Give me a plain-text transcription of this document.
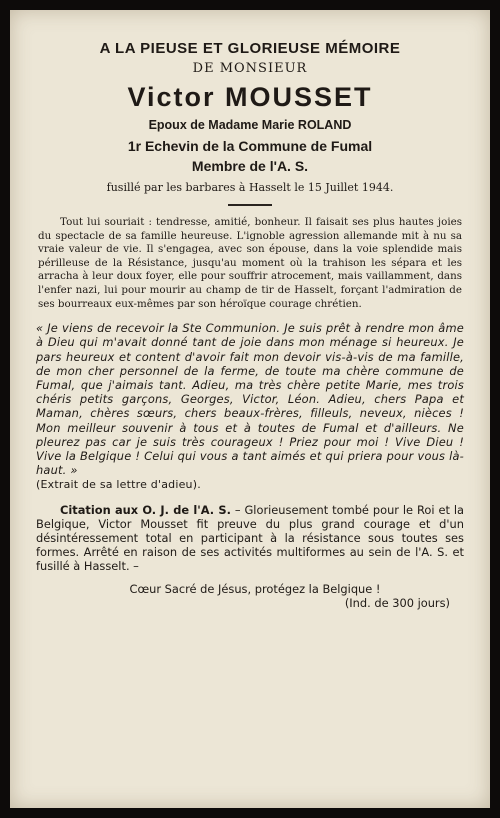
A LA PIEUSE ET GLORIEUSE MÉMOIRE
DE MONSIEUR
Victor MOUSSET
Epoux de Madame Marie ROLAND
1r Echevin de la Commune de Fumal
Membre de l'A. S.
fusillé par les barbares à Hasselt le 15 Juillet 1944.
Tout lui souriait : tendresse, amitié, bonheur. Il faisait ses plus hautes joies du spectacle de sa famille heureuse. L'ignoble agression allemande mit à nu sa vraie valeur de vie. Il s'engagea, avec son épouse, dans la voie splendide mais périlleuse de la Résistance, jusqu'au moment où la trahison les sépara et les arracha à leur doux foyer, elle pour souffrir atrocement, mais vaillamment, dans l'enfer nazi, lui pour mourir au champ de tir de Hasselt, forçant l'admiration de ses bourreaux eux-mêmes par son héroïque courage chrétien.
« Je viens de recevoir la Ste Communion. Je suis prêt à rendre mon âme à Dieu qui m'avait donné tant de joie dans mon ménage si heureux. Je pars heureux et content d'avoir fait mon devoir vis-à-vis de ma famille, de mon cher personnel de la ferme, de toute ma chère commune de Fumal, que j'aimais tant. Adieu, ma très chère petite Marie, mes trois chéris petits garçons, Georges, Victor, Léon. Adieu, chers Papa et Maman, chères sœurs, chers beaux-frères, filleuls, neveux, nièces ! Mon meilleur souvenir à tous et à toutes de Fumal et d'ailleurs. Ne pleurez pas car je suis très courageux ! Priez pour moi ! Vive Dieu ! Vive la Belgique ! Celui qui vous a tant aimés et qui priera pour vous là-haut. »
(Extrait de sa lettre d'adieu).
Citation aux O. J. de l'A. S. – Glorieusement tombé pour le Roi et la Belgique, Victor Mousset fit preuve du plus grand courage et d'un désintéressement total en participant à la résistance sous toutes ses formes. Arrêté en raison de ses activités multiformes au sein de l'A. S. et fusillé à Hasselt. –
Cœur Sacré de Jésus, protégez la Belgique !
(Ind. de 300 jours)
